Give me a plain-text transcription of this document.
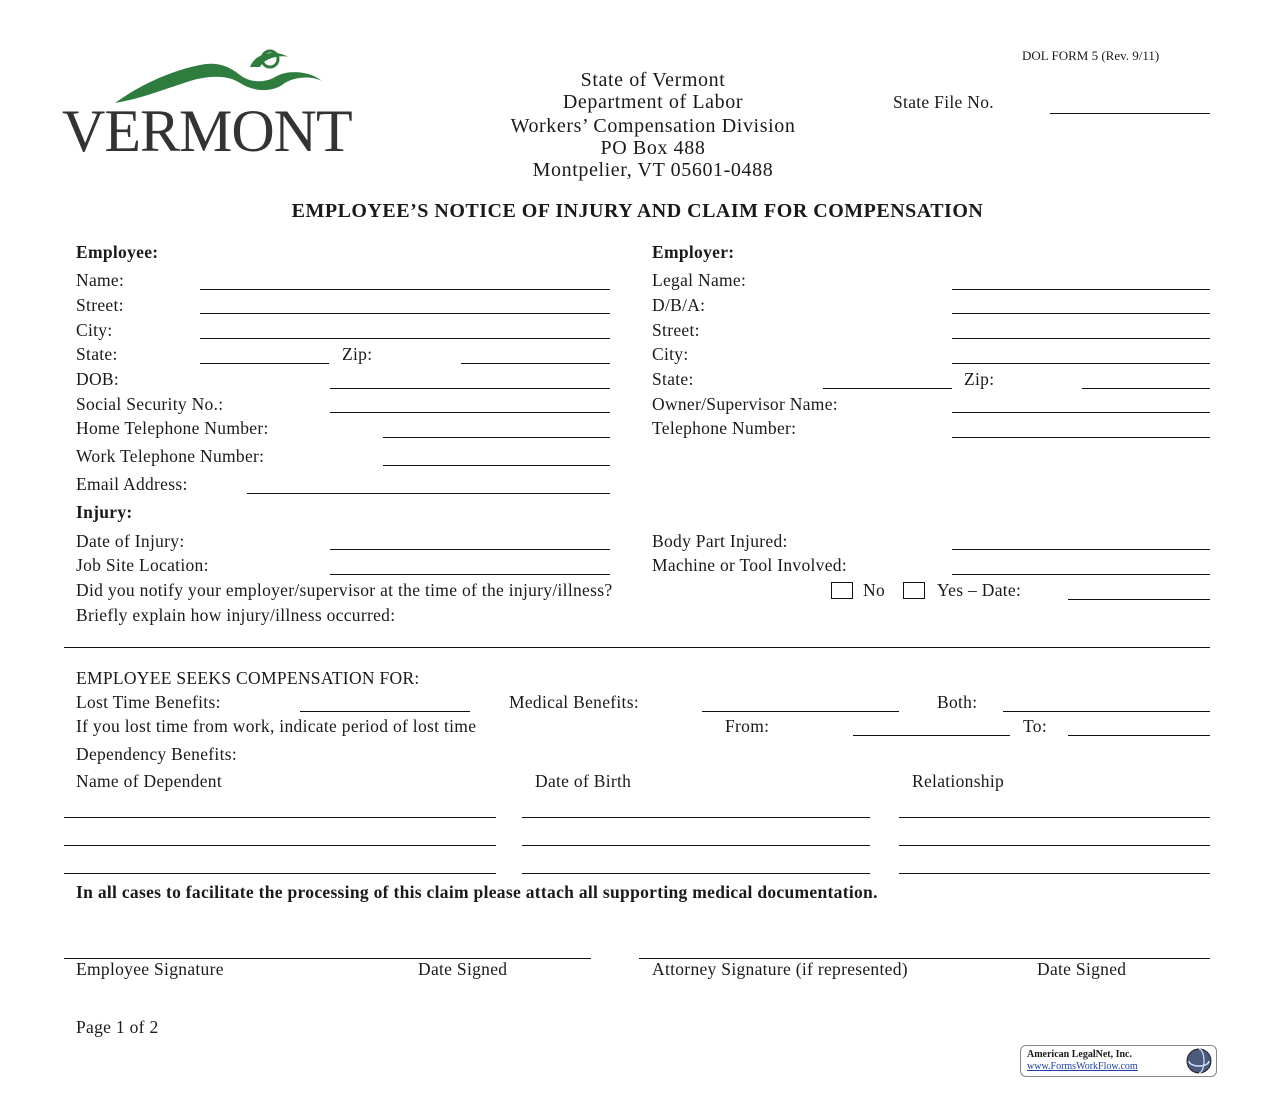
DOL FORM 5 (Rev. 9/11)
VERMONT
State of Vermont
Department of Labor
Workers’ Compensation Division
PO Box 488
Montpelier, VT 05601-0488
State File No.
EMPLOYEE’S NOTICE OF INJURY AND CLAIM FOR COMPENSATION
Employee:
Name:
Street:
City:
State:	Zip:
DOB:
Social Security No.:
Home Telephone Number:
Work Telephone Number:
Email Address:
Employer:
Legal Name:
D/B/A:
Street:
City:
State:	Zip:
Owner/Supervisor Name:
Telephone Number:
Injury:
Date of Injury:	Body Part Injured:
Job Site Location:	Machine or Tool Involved:
Did you notify your employer/supervisor at the time of the injury/illness?	No	Yes – Date:
Briefly explain how injury/illness occurred:
EMPLOYEE SEEKS COMPENSATION FOR:
Lost Time Benefits:	Medical Benefits:	Both:
If you lost time from work, indicate period of lost time	From:	To:
Dependency Benefits:
Name of Dependent	Date of Birth	Relationship
In all cases to facilitate the processing of this claim please attach all supporting medical documentation.
Employee Signature	Date Signed	Attorney Signature (if represented)	Date Signed
Page 1 of 2
American LegalNet, Inc.
www.FormsWorkFlow.com
